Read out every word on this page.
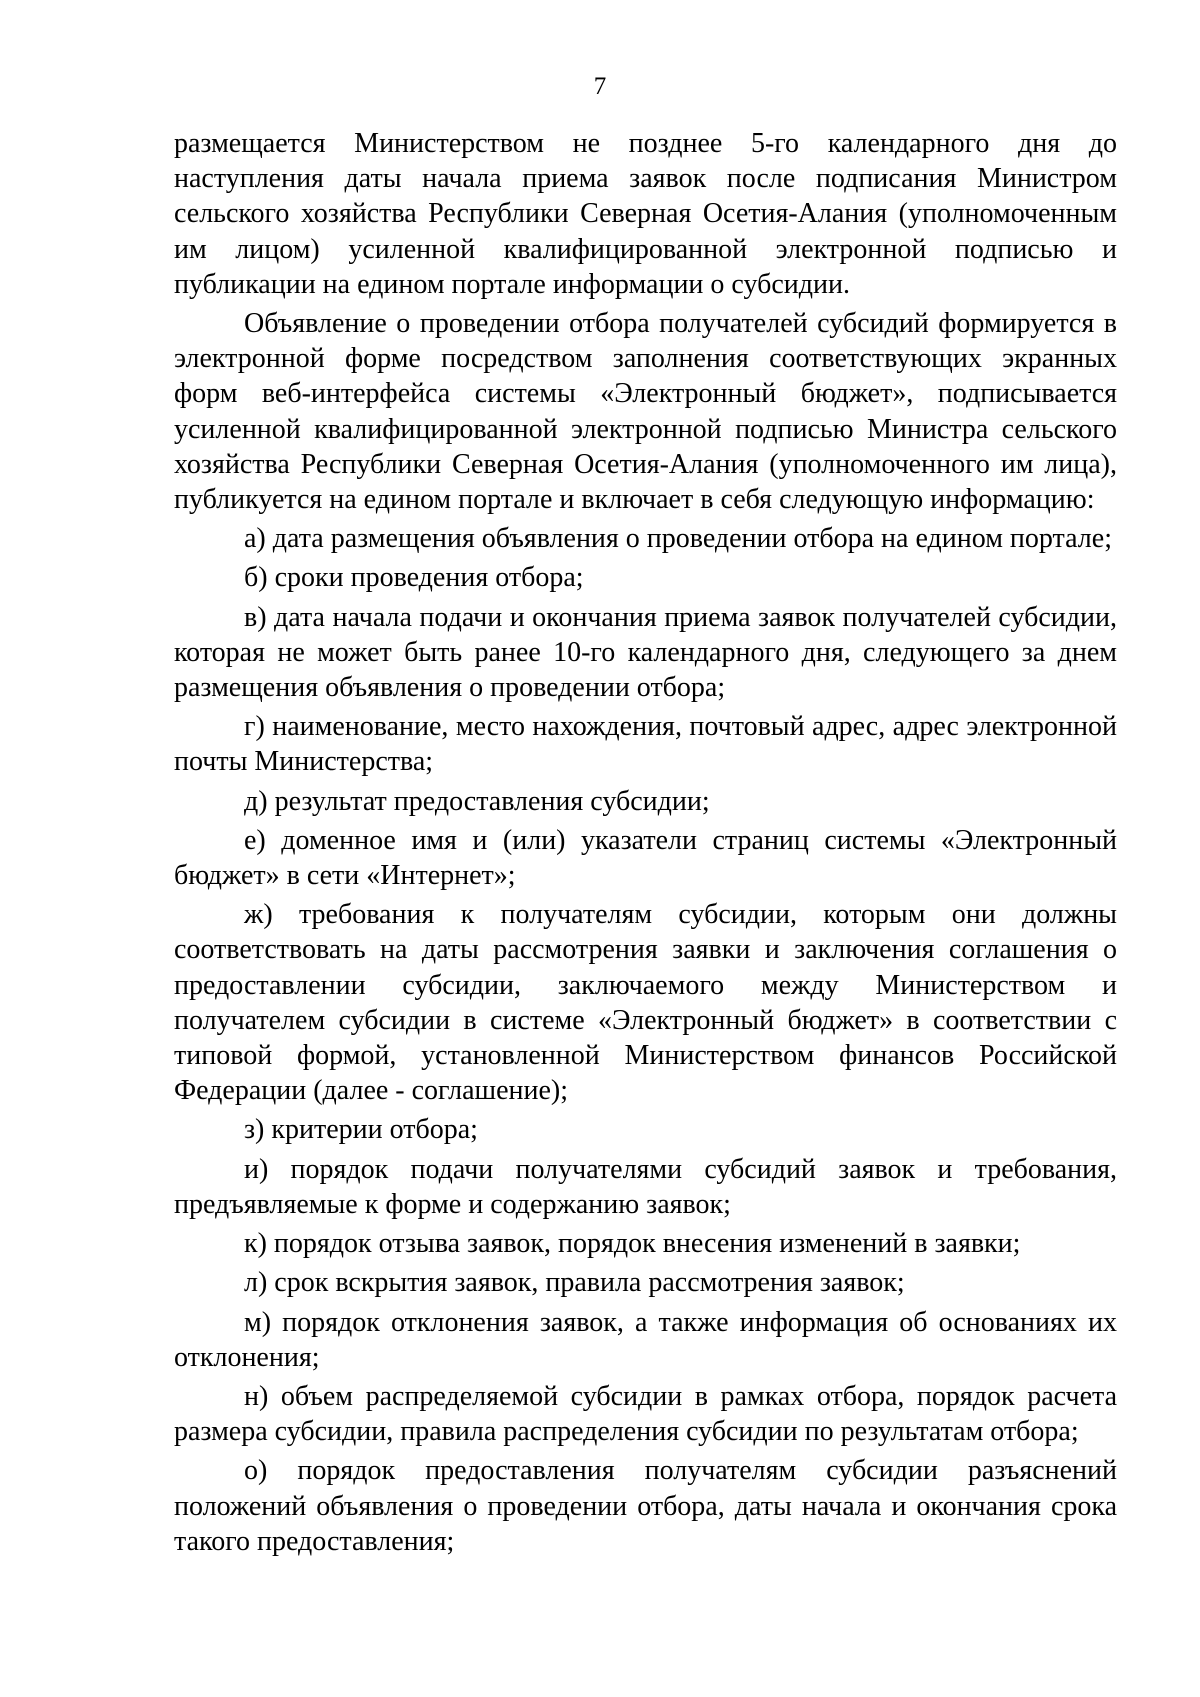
7

размещается Министерством не позднее 5-го календарного дня до наступления даты начала приема заявок после подписания Министром сельского хозяйства Республики Северная Осетия-Алания (уполномоченным им лицом) усиленной квалифицированной электронной подписью и публикации на едином портале информации о субсидии.

Объявление о проведении отбора получателей субсидий формируется в электронной форме посредством заполнения соответствующих экранных форм веб-интерфейса системы «Электронный бюджет», подписывается усиленной квалифицированной электронной подписью Министра сельского хозяйства Республики Северная Осетия-Алания (уполномоченного им лица), публикуется на едином портале и включает в себя следующую информацию:

а) дата размещения объявления о проведении отбора на едином портале;

б) сроки проведения отбора;

в) дата начала подачи и окончания приема заявок получателей субсидии, которая не может быть ранее 10-го календарного дня, следующего за днем размещения объявления о проведении отбора;

г) наименование, место нахождения, почтовый адрес, адрес электронной почты Министерства;

д) результат предоставления субсидии;

е) доменное имя и (или) указатели страниц системы «Электронный бюджет» в сети «Интернет»;

ж) требования к получателям субсидии, которым они должны соответствовать на даты рассмотрения заявки и заключения соглашения о предоставлении субсидии, заключаемого между Министерством и получателем субсидии в системе «Электронный бюджет» в соответствии с типовой формой, установленной Министерством финансов Российской Федерации (далее - соглашение);

з) критерии отбора;

и) порядок подачи получателями субсидий заявок и требования, предъявляемые к форме и содержанию заявок;

к) порядок отзыва заявок, порядок внесения изменений в заявки;

л) срок вскрытия заявок, правила рассмотрения заявок;

м) порядок отклонения заявок, а также информация об основаниях их отклонения;

н) объем распределяемой субсидии в рамках отбора, порядок расчета размера субсидии, правила распределения субсидии по результатам отбора;

о) порядок предоставления получателям субсидии разъяснений положений объявления о проведении отбора, даты начала и окончания срока такого предоставления;
